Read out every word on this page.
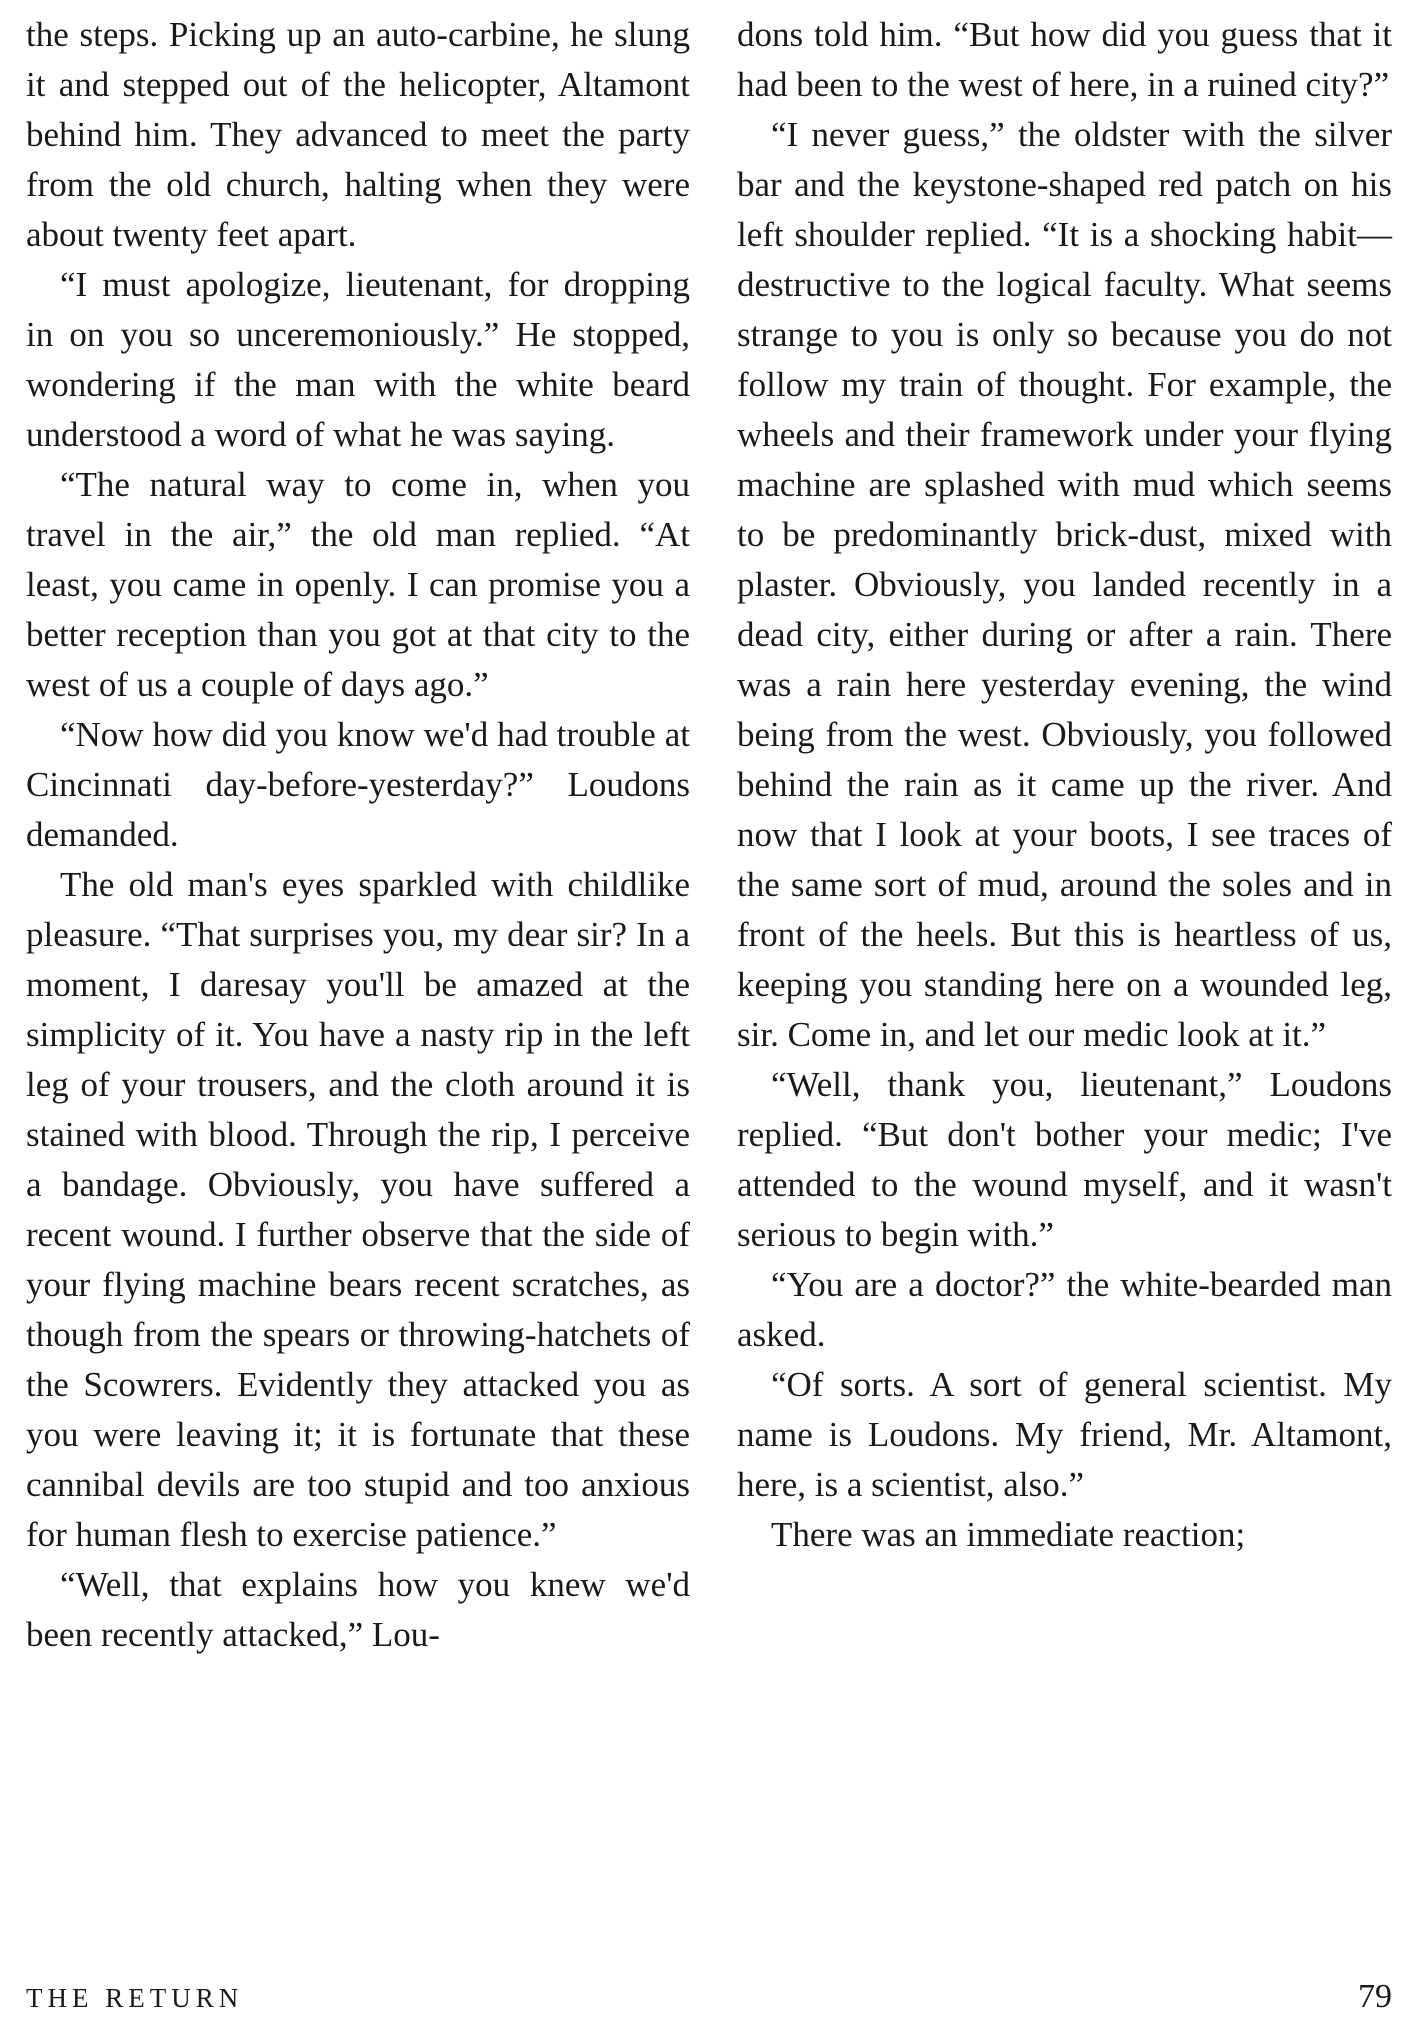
the steps. Picking up an auto-carbine, he slung it and stepped out of the helicopter, Altamont behind him. They advanced to meet the party from the old church, halting when they were about twenty feet apart.

“I must apologize, lieutenant, for dropping in on you so unceremoniously.” He stopped, wondering if the man with the white beard understood a word of what he was saying.

“The natural way to come in, when you travel in the air,” the old man replied. “At least, you came in openly. I can promise you a better reception than you got at that city to the west of us a couple of days ago.”

“Now how did you know we'd had trouble at Cincinnati day-before-yesterday?” Loudons demanded.

The old man's eyes sparkled with childlike pleasure. “That surprises you, my dear sir? In a moment, I daresay you'll be amazed at the simplicity of it. You have a nasty rip in the left leg of your trousers, and the cloth around it is stained with blood. Through the rip, I perceive a bandage. Obviously, you have suffered a recent wound. I further observe that the side of your flying machine bears recent scratches, as though from the spears or throwing-hatchets of the Scowrers. Evidently they attacked you as you were leaving it; it is fortunate that these cannibal devils are too stupid and too anxious for human flesh to exercise patience.”

“Well, that explains how you knew we'd been recently attacked,” Lou-

dons told him. “But how did you guess that it had been to the west of here, in a ruined city?”

“I never guess,” the oldster with the silver bar and the keystone-shaped red patch on his left shoulder replied. “It is a shocking habit—destructive to the logical faculty. What seems strange to you is only so because you do not follow my train of thought. For example, the wheels and their framework under your flying machine are splashed with mud which seems to be predominantly brick-dust, mixed with plaster. Obviously, you landed recently in a dead city, either during or after a rain. There was a rain here yesterday evening, the wind being from the west. Obviously, you followed behind the rain as it came up the river. And now that I look at your boots, I see traces of the same sort of mud, around the soles and in front of the heels. But this is heartless of us, keeping you standing here on a wounded leg, sir. Come in, and let our medic look at it.”

“Well, thank you, lieutenant,” Loudons replied. “But don't bother your medic; I've attended to the wound myself, and it wasn't serious to begin with.”

“You are a doctor?” the white-bearded man asked.

“Of sorts. A sort of general scientist. My name is Loudons. My friend, Mr. Altamont, here, is a scientist, also.”

There was an immediate reaction;

THE RETURN	79
